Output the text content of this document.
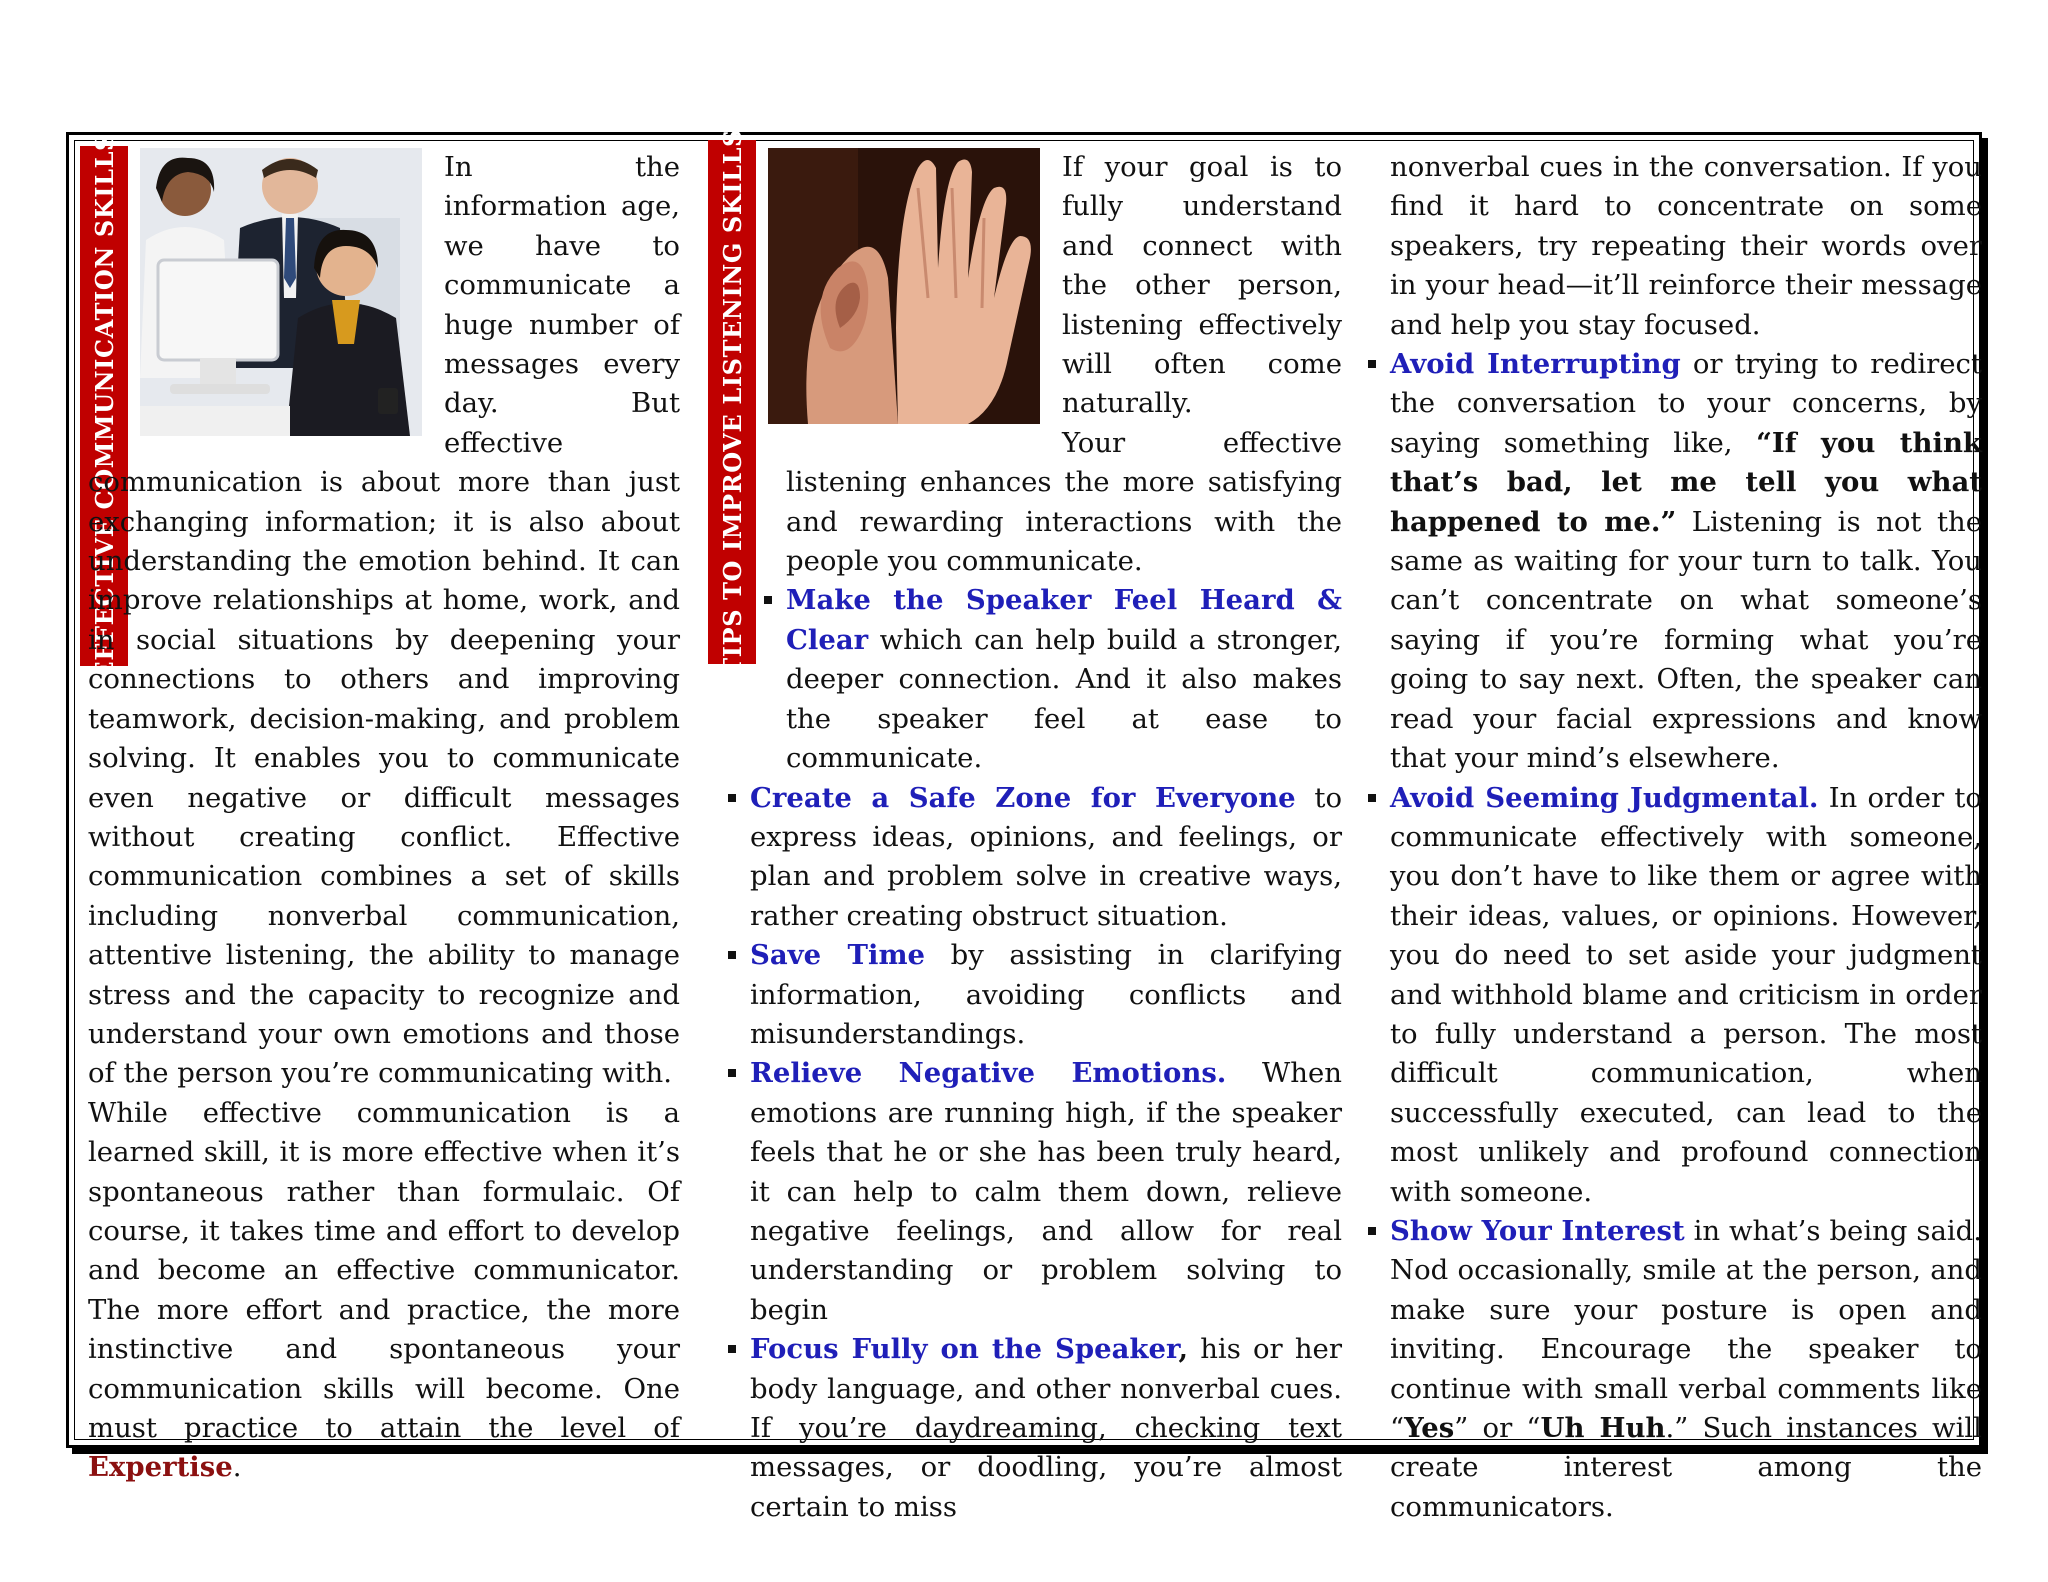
EFFECTIVE COMMUNICATION SKILLS	TIPS TO IMPROVE LISTENING SKILLS

In the information age, we have to communicate a huge number of messages every day. But effective communication is about more than just exchanging information; it is also about understanding the emotion behind. It can improve relationships at home, work, and in social situations by deepening your connections to others and improving teamwork, decision-making, and problem solving. It enables you to communicate even negative or difficult messages without creating conflict. Effective communication combines a set of skills including nonverbal communication, attentive listening, the ability to manage stress and the capacity to recognize and understand your own emotions and those of the person you’re communicating with.

While effective communication is a learned skill, it is more effective when it’s spontaneous rather than formulaic. Of course, it takes time and effort to develop and become an effective communicator. The more effort and practice, the more instinctive and spontaneous your communication skills will become. One must practice to attain the level of Expertise.

If your goal is to fully understand and connect with the other person, listening effectively will often come naturally.

Your effective listening enhances the more satisfying and rewarding interactions with the people you communicate.

Make the Speaker Feel Heard & Clear which can help build a stronger, deeper connection. And it also makes the speaker feel at ease to communicate.
Create a Safe Zone for Everyone to express ideas, opinions, and feelings, or plan and problem solve in creative ways, rather creating obstruct situation.
Save Time by assisting in clarifying information, avoiding conflicts and misunderstandings.
Relieve Negative Emotions. When emotions are running high, if the speaker feels that he or she has been truly heard, it can help to calm them down, relieve negative feelings, and allow for real understanding or problem solving to begin
Focus Fully on the Speaker, his or her body language, and other nonverbal cues. If you’re daydreaming, checking text messages, or doodling, you’re almost certain to miss

nonverbal cues in the conversation. If you find it hard to concentrate on some speakers, try repeating their words over in your head—it’ll reinforce their message and help you stay focused.

Avoid Interrupting or trying to redirect the conversation to your concerns, by saying something like, “If you think that’s bad, let me tell you what happened to me.” Listening is not the same as waiting for your turn to talk. You can’t concentrate on what someone’s saying if you’re forming what you’re going to say next. Often, the speaker can read your facial expressions and know that your mind’s elsewhere.
Avoid Seeming Judgmental. In order to communicate effectively with someone, you don’t have to like them or agree with their ideas, values, or opinions. However, you do need to set aside your judgment and withhold blame and criticism in order to fully understand a person. The most difficult communication, when successfully executed, can lead to the most unlikely and profound connection with someone.
Show Your Interest in what’s being said. Nod occasionally, smile at the person, and make sure your posture is open and inviting. Encourage the speaker to continue with small verbal comments like “Yes” or “Uh Huh.” Such instances will create interest among the communicators.
